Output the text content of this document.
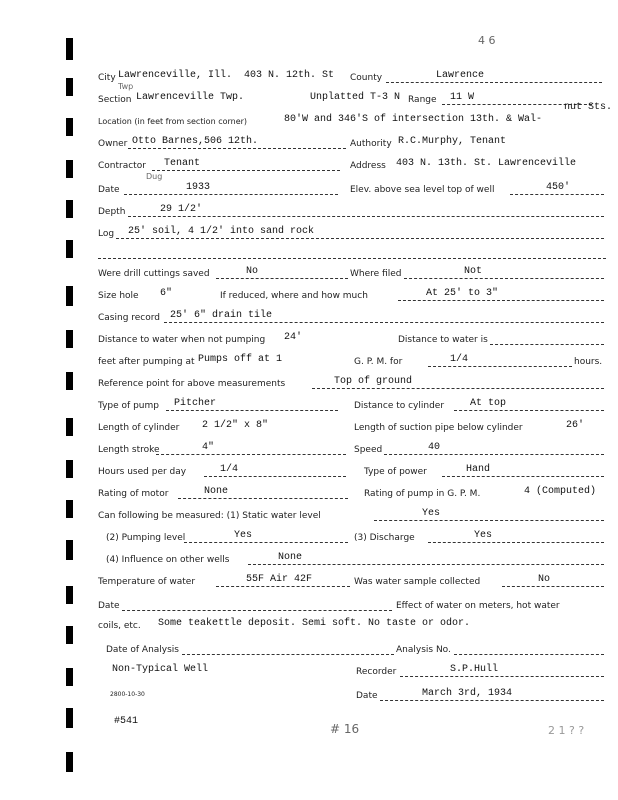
4 6
City Lawrenceville, Ill. 403 N. 12th. St County	Lawrence
Twp
Section Lawrenceville Twp.	Unplatted T-3 N Range 11 W
nut Sts.
Location (in feet from section corner)	80'W and 346'S of intersection 13th. & Wal-
Owner Otto Barnes,506 12th.	Authority R.C.Murphy, Tenant
Contractor Tenant	Address 403 N. 13th. St. Lawrenceville
Dug
Date	1933	Elev. above sea level top of well	450'
Depth	29 1/2'
Log 25' soil, 4 1/2' into sand rock
Were drill cuttings saved	No	Where filed	Not
Size hole 6"	If reduced, where and how much	At 25' to 3"
Casing record 25' 6" drain tile
Distance to water when not pumping 24'	Distance to water is
feet after pumping at Pumps off at 1	G. P. M. for	1/4	hours.
Reference point for above measurements	Top of ground
Type of pump Pitcher	Distance to cylinder	At top
Length of cylinder 2 1/2" x 8"	Length of suction pipe below cylinder	26'
Length stroke	4"	Speed	40
Hours used per day	1/4	Type of power	Hand
Rating of motor	None	Rating of pump in G. P. M.	4 (Computed)
Can following be measured: (1) Static water level	Yes
(2) Pumping level	Yes	(3) Discharge	Yes
(4) Influence on other wells	None
Temperature of water	55F Air 42F	Was water sample collected	No
Date	Effect of water on meters, hot water
coils, etc. Some teakettle deposit. Semi soft. No taste or odor.
Date of Analysis	Analysis No.
Non-Typical Well	Recorder	S.P.Hull
2800-10-30	Date	March 3rd, 1934
#541
# 16	2 1 ? ?
